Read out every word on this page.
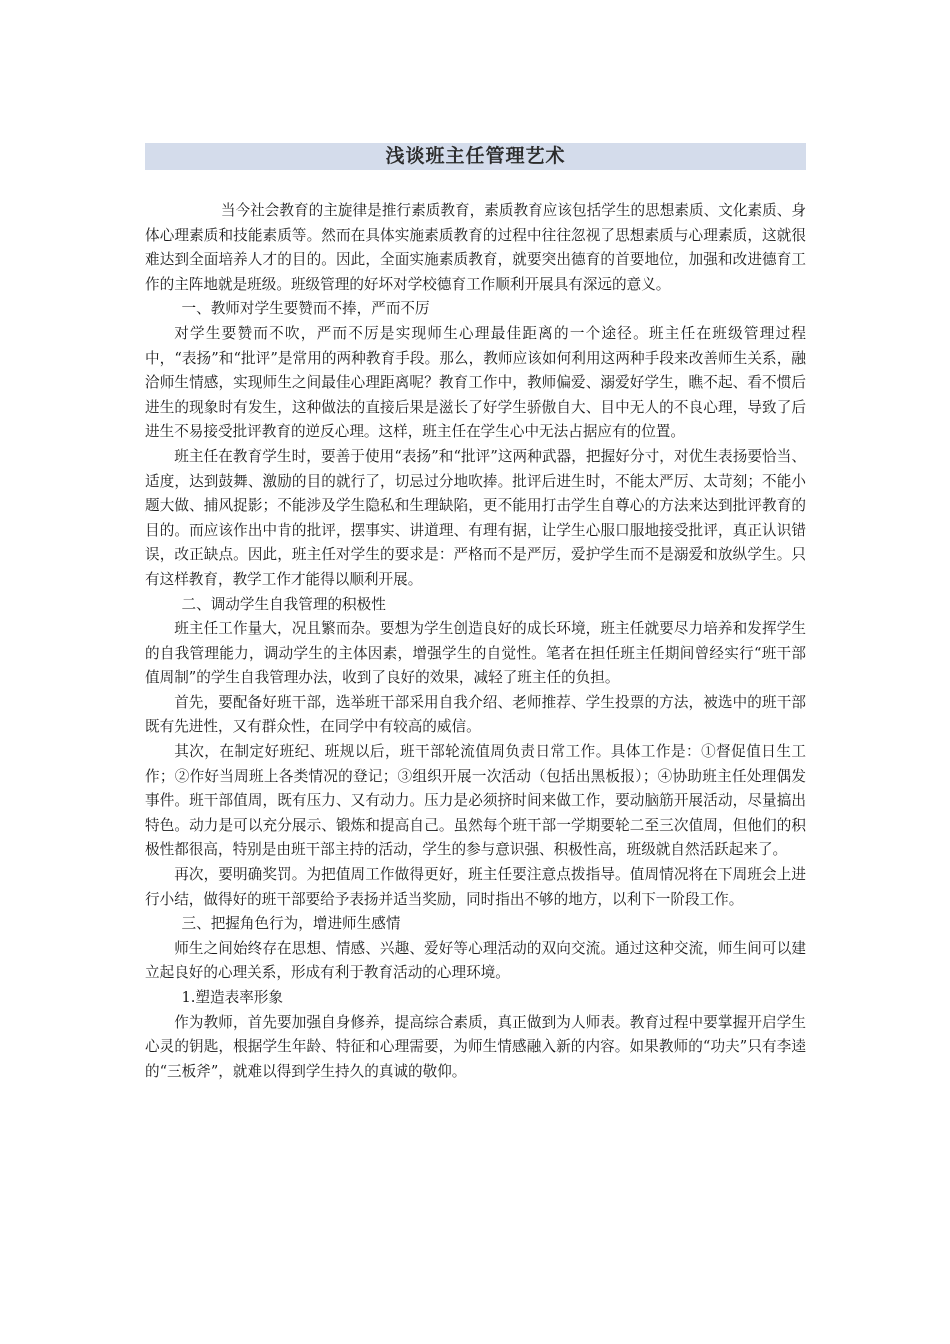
浅谈班主任管理艺术

当今社会教育的主旋律是推行素质教育，素质教育应该包括学生的思想素质、文化素质、身体心理素质和技能素质等。然而在具体实施素质教育的过程中往往忽视了思想素质与心理素质，这就很难达到全面培养人才的目的。因此，全面实施素质教育，就要突出德育的首要地位，加强和改进德育工作的主阵地就是班级。班级管理的好坏对学校德育工作顺利开展具有深远的意义。

一、教师对学生要赞而不捧，严而不厉

对学生要赞而不吹，严而不厉是实现师生心理最佳距离的一个途径。班主任在班级管理过程中，“表扬”和“批评”是常用的两种教育手段。那么，教师应该如何利用这两种手段来改善师生关系，融洽师生情感，实现师生之间最佳心理距离呢？教育工作中，教师偏爱、溺爱好学生，瞧不起、看不惯后进生的现象时有发生，这种做法的直接后果是滋长了好学生骄傲自大、目中无人的不良心理，导致了后进生不易接受批评教育的逆反心理。这样，班主任在学生心中无法占据应有的位置。

班主任在教育学生时，要善于使用“表扬”和“批评”这两种武器，把握好分寸，对优生表扬要恰当、适度，达到鼓舞、激励的目的就行了，切忌过分地吹捧。批评后进生时，不能太严厉、太苛刻；不能小题大做、捕风捉影；不能涉及学生隐私和生理缺陷，更不能用打击学生自尊心的方法来达到批评教育的目的。而应该作出中肯的批评，摆事实、讲道理、有理有据，让学生心服口服地接受批评，真正认识错误，改正缺点。因此，班主任对学生的要求是：严格而不是严厉，爱护学生而不是溺爱和放纵学生。只有这样教育，教学工作才能得以顺利开展。

二、调动学生自我管理的积极性

班主任工作量大，况且繁而杂。要想为学生创造良好的成长环境，班主任就要尽力培养和发挥学生的自我管理能力，调动学生的主体因素，增强学生的自觉性。笔者在担任班主任期间曾经实行“班干部值周制”的学生自我管理办法，收到了良好的效果，减轻了班主任的负担。

首先，要配备好班干部，选举班干部采用自我介绍、老师推荐、学生投票的方法，被选中的班干部既有先进性，又有群众性，在同学中有较高的威信。

其次，在制定好班纪、班规以后，班干部轮流值周负责日常工作。具体工作是：①督促值日生工作；②作好当周班上各类情况的登记；③组织开展一次活动（包括出黑板报）；④协助班主任处理偶发事件。班干部值周，既有压力、又有动力。压力是必须挤时间来做工作，要动脑筋开展活动，尽量搞出特色。动力是可以充分展示、锻炼和提高自己。虽然每个班干部一学期要轮二至三次值周，但他们的积极性都很高，特别是由班干部主持的活动，学生的参与意识强、积极性高，班级就自然活跃起来了。

再次，要明确奖罚。为把值周工作做得更好，班主任要注意点拨指导。值周情况将在下周班会上进行小结，做得好的班干部要给予表扬并适当奖励，同时指出不够的地方，以利下一阶段工作。

三、把握角色行为，增进师生感情

师生之间始终存在思想、情感、兴趣、爱好等心理活动的双向交流。通过这种交流，师生间可以建立起良好的心理关系，形成有利于教育活动的心理环境。

1.塑造表率形象

作为教师，首先要加强自身修养，提高综合素质，真正做到为人师表。教育过程中要掌握开启学生心灵的钥匙，根据学生年龄、特征和心理需要，为师生情感融入新的内容。如果教师的“功夫”只有李逵的“三板斧”，就难以得到学生持久的真诚的敬仰。
